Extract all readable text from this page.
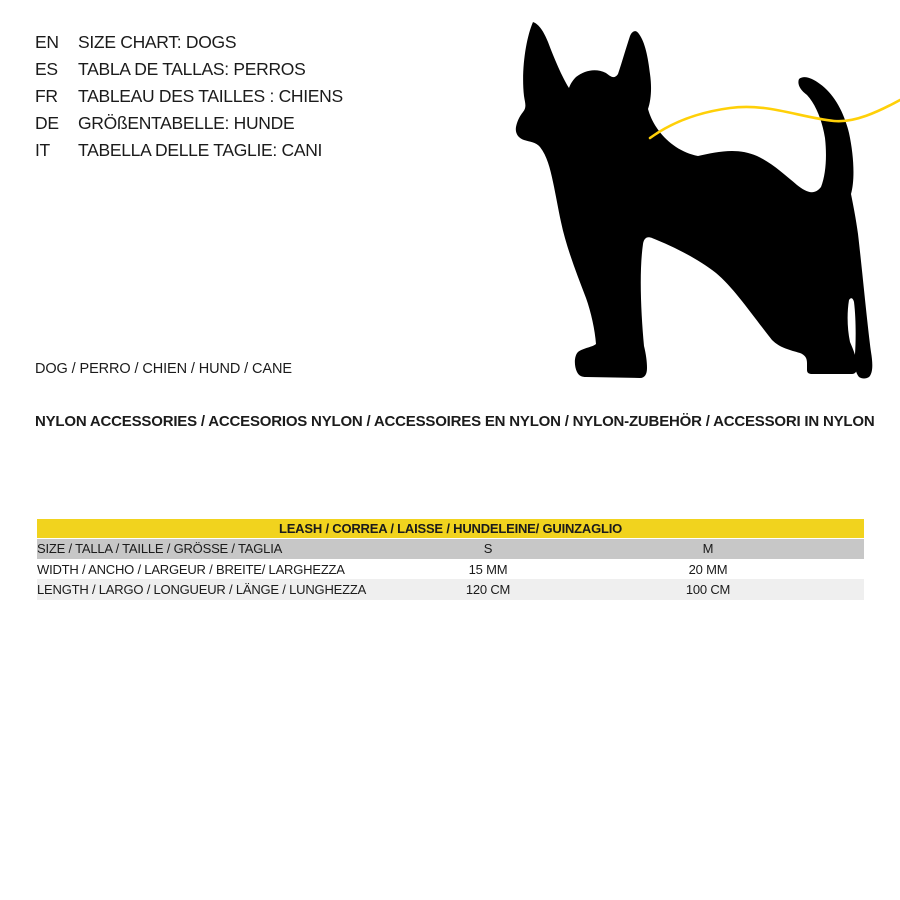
EN	SIZE CHART: DOGS
ES	TABLA DE TALLAS: PERROS
FR	TABLEAU DES TAILLES : CHIENS
DE	GRÖßENTABELLE: HUNDE
IT	TABELLA DELLE TAGLIE: CANI
DOG / PERRO / CHIEN / HUND / CANE
NYLON ACCESSORIES / ACCESORIOS NYLON / ACCESSOIRES EN NYLON / NYLON-ZUBEHÖR / ACCESSORI IN NYLON
LEASH / CORREA / LAISSE / HUNDELEINE/ GUINZAGLIO			
SIZE / TALLA / TAILLE / GRÖSSE / TAGLIA	S	M	
WIDTH / ANCHO / LARGEUR / BREITE/ LARGHEZZA	15 MM	20 MM	
LENGTH / LARGO / LONGUEUR / LÄNGE / LUNGHEZZA	120 CM	100 CM	
